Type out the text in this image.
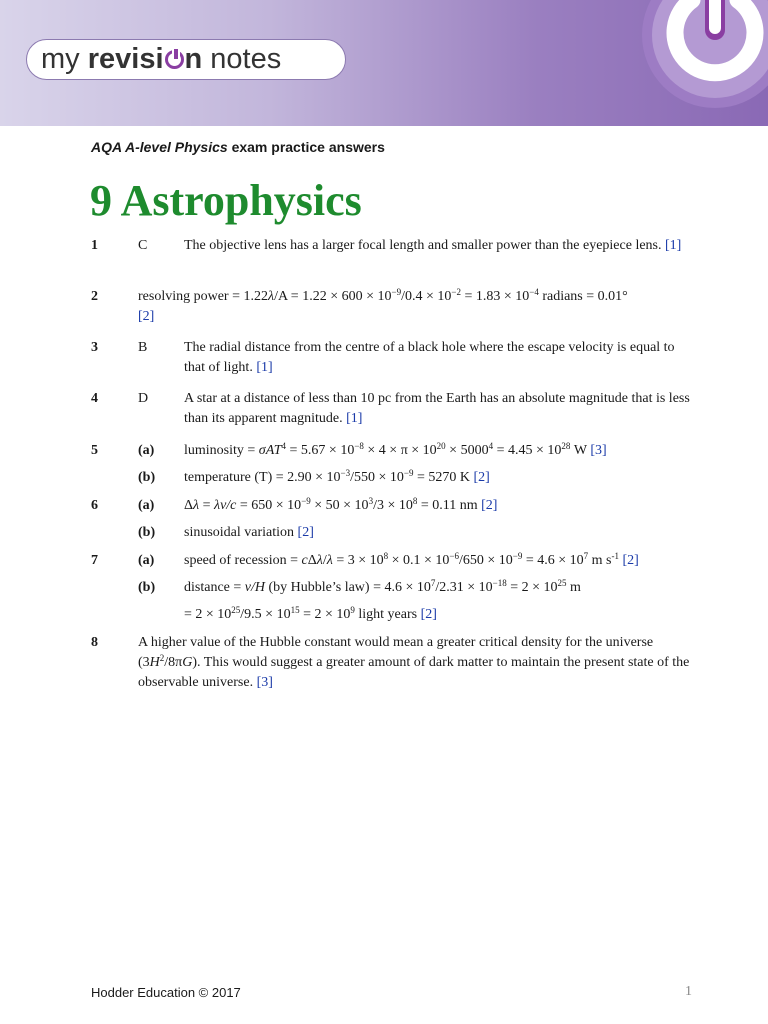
my revisi n notes
AQA A-level Physics exam practice answers
9 Astrophysics
1	C	The objective lens has a larger focal length and smaller power than the eyepiece lens. [1]
2	resolving power = $1.22\lambda/A = 1.22 \times 600 \times 10^{-9}/0.4 \times 10^{-2} = 1.83 \times 10^{-4}$ radians = 0.01°
[2]
3	B	The radial distance from the centre of a black hole where the escape velocity is equal to that of light. [1]
4	D	A star at a distance of less than 10 pc from the Earth has an absolute magnitude that is less than its apparent magnitude. [1]
5	(a) luminosity = $\sigma AT^4 = 5.67 \times 10^{-8} \times 4 \times \pi \times 10^{20} \times 5000^4 = 4.45 \times 10^{28}$ W [3]
(b) temperature $(T) = 2.90 \times 10^{-3}/550 \times 10^{-9} = 5270$ K [2]
6	(a) $\Delta\lambda = \lambda v/c = 650 \times 10^{-9} \times 50 \times 10^3/3 \times 10^8 = 0.11$ nm [2]
(b) sinusoidal variation [2]
7	(a) speed of recession = $c\Delta\lambda/\lambda = 3 \times 10^8 \times 0.1 \times 10^{-6}/650 \times 10^{-9} = 4.6 \times 10^7$ m $s^{-1}$ [2]
(b) distance = v/H (by Hubble’s $law) = 4.6 \times 10^7/2.31 \times 10^{-18} = 2 \times 10^{25}$ m
= $2 \times 10^{25}/9.5 \times 10^{15} = 2 \times 10^9$ light years [2]
8	A higher value of the Hubble constant would mean a greater critical density for the universe $(3H^2/8\pi G)$. This would suggest a greater amount of dark matter to maintain the present state of the observable universe. [3]
Hodder Education © 2017	1
